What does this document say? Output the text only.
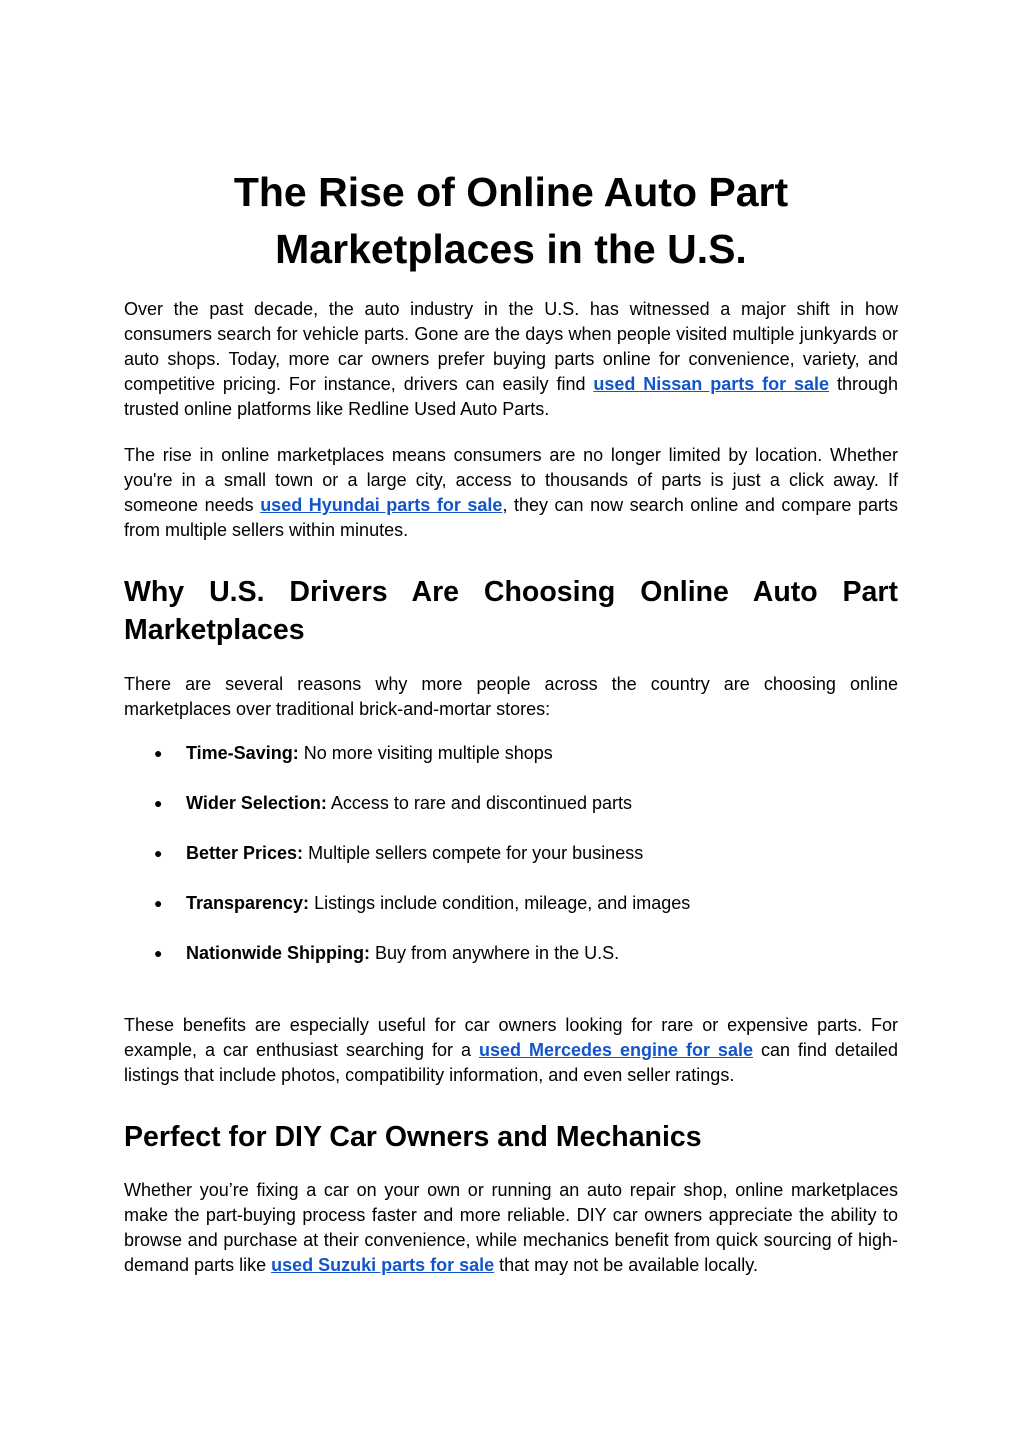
The Rise of Online Auto Part Marketplaces in the U.S.

Over the past decade, the auto industry in the U.S. has witnessed a major shift in how consumers search for vehicle parts. Gone are the days when people visited multiple junkyards or auto shops. Today, more car owners prefer buying parts online for convenience, variety, and competitive pricing. For instance, drivers can easily find used Nissan parts for sale through trusted online platforms like Redline Used Auto Parts.

The rise in online marketplaces means consumers are no longer limited by location. Whether you're in a small town or a large city, access to thousands of parts is just a click away. If someone needs used Hyundai parts for sale, they can now search online and compare parts from multiple sellers within minutes.

Why U.S. Drivers Are Choosing Online Auto Part Marketplaces

There are several reasons why more people across the country are choosing online marketplaces over traditional brick-and-mortar stores:

● Time-Saving: No more visiting multiple shops
● Wider Selection: Access to rare and discontinued parts
● Better Prices: Multiple sellers compete for your business
● Transparency: Listings include condition, mileage, and images
● Nationwide Shipping: Buy from anywhere in the U.S.

These benefits are especially useful for car owners looking for rare or expensive parts. For example, a car enthusiast searching for a used Mercedes engine for sale can find detailed listings that include photos, compatibility information, and even seller ratings.

Perfect for DIY Car Owners and Mechanics

Whether you’re fixing a car on your own or running an auto repair shop, online marketplaces make the part-buying process faster and more reliable. DIY car owners appreciate the ability to browse and purchase at their convenience, while mechanics benefit from quick sourcing of high-demand parts like used Suzuki parts for sale that may not be available locally.
